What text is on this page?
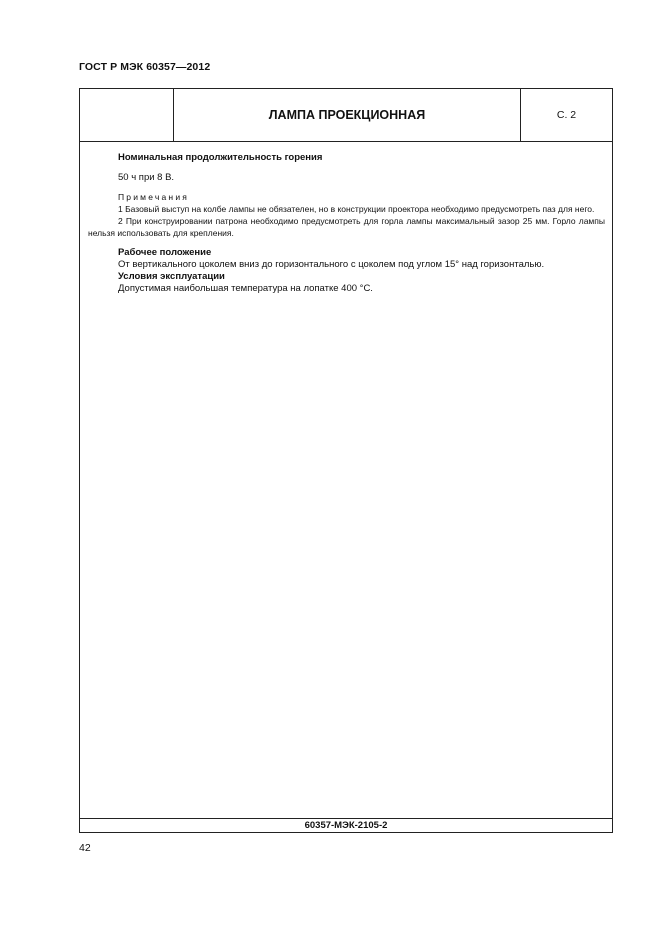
ГОСТ Р МЭК 60357—2012
ЛАМПА ПРОЕКЦИОННАЯ	С. 2
Номинальная продолжительность горения
50 ч при 8 В.
Примечания
1 Базовый выступ на колбе лампы не обязателен, но в конструкции проектора необходимо предусмотреть паз для него.
2 При конструировании патрона необходимо предусмотреть для горла лампы максимальный зазор 25 мм. Горло лампы нельзя использовать для крепления.
Рабочее положение
От вертикального цоколем вниз до горизонтального с цоколем под углом 15° над горизонталью.
Условия эксплуатации
Допустимая наибольшая температура на лопатке 400 °С.
60357-МЭК-2105-2
42
